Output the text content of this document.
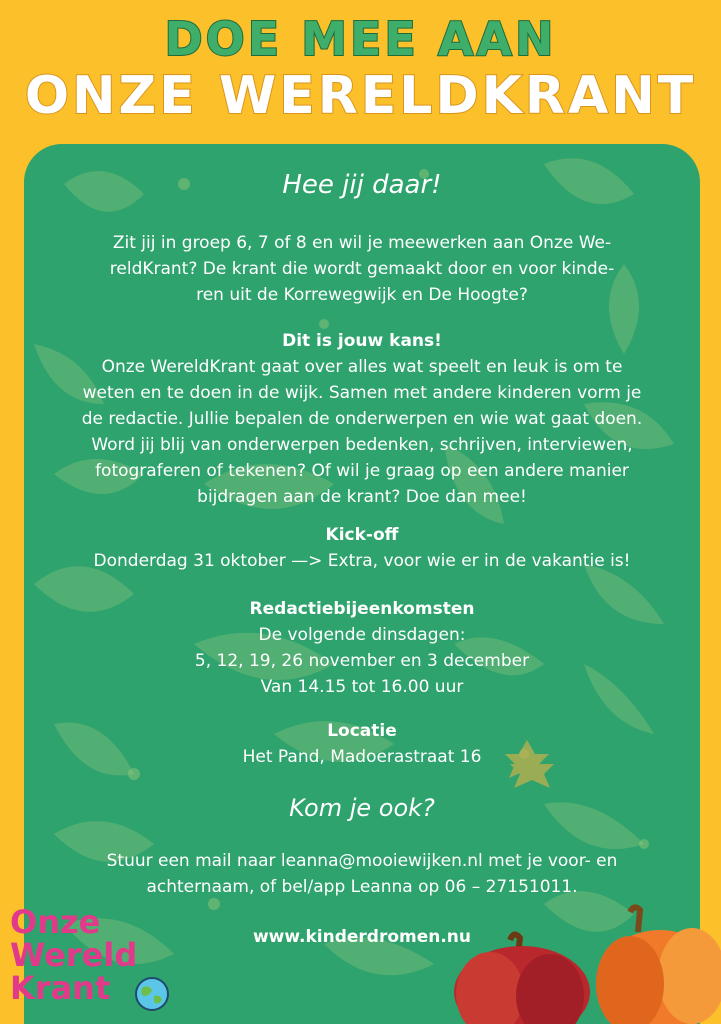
DOE MEE AAN
ONZE WERELDKRANT
Hee jij daar!
Zit jij in groep 6, 7 of 8 en wil je meewerken aan Onze We-
reldKrant? De krant die wordt gemaakt door en voor kinde-
ren uit de Korrewegwijk en De Hoogte?
Dit is jouw kans!
Onze WereldKrant gaat over alles wat speelt en leuk is om te
weten en te doen in de wijk. Samen met andere kinderen vorm je
de redactie. Jullie bepalen de onderwerpen en wie wat gaat doen.
Word jij blij van onderwerpen bedenken, schrijven, interviewen,
fotograferen of tekenen? Of wil je graag op een andere manier
bijdragen aan de krant? Doe dan mee!
Kick-off
Donderdag 31 oktober —> Extra, voor wie er in de vakantie is!
Redactiebijeenkomsten
De volgende dinsdagen:
5, 12, 19, 26 november en 3 december
Van 14.15 tot 16.00 uur
Locatie
Het Pand, Madoerastraat 16
Kom je ook?
Stuur een mail naar leanna@mooiewijken.nl met je voor- en
achternaam, of bel/app Leanna op 06 – 27151011.
www.kinderdromen.nu
Onze
Wereld
Krant
